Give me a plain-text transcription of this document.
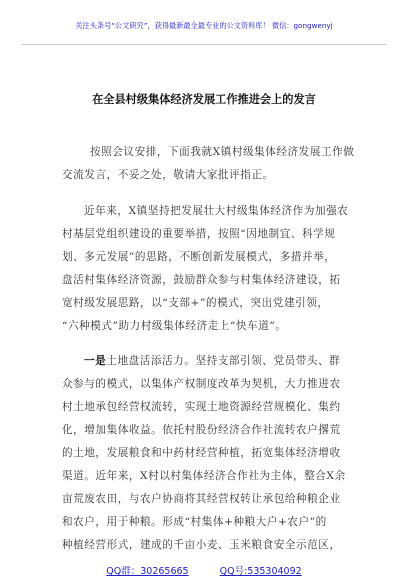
关注头条号“公文研究”，获得最新最全最专业的公文资料库！ 微信：gongwenyj
在全县村级集体经济发展工作推进会上的发言
按照会议安排，下面我就X镇村级集体经济发展工作做
交流发言，不妥之处，敬请大家批评指正。
近年来，X镇坚持把发展壮大村级集体经济作为加强农
村基层党组织建设的重要举措，按照“因地制宜、科学规
划、多元发展”的思路，不断创新发展模式，多措并举，
盘活村集体经济资源，鼓励群众参与村集体经济建设，拓
宽村级发展思路，以“支部+”的模式，突出党建引领，
“六种模式”助力村级集体经济走上“快车道”。
一是土地盘活添活力。坚持支部引领、党员带头、群
众参与的模式，以集体产权制度改革为契机，大力推进农
村土地承包经营权流转，实现土地资源经营规模化、集约
化，增加集体收益。依托村股份经济合作社流转农户撂荒
的土地，发展粮食和中药材经营种植，拓宽集体经济增收
渠道。近年来，X村以村集体经济合作社为主体，整合X余
亩荒废农田，与农户协商将其经营权转让承包给种粮企业
和农户，用于种粮。形成“村集体+种粮大户+农户”的
种植经营形式，建成的千亩小麦、玉米粮食安全示范区，
QQ群：30265665	QQ号:535304092
